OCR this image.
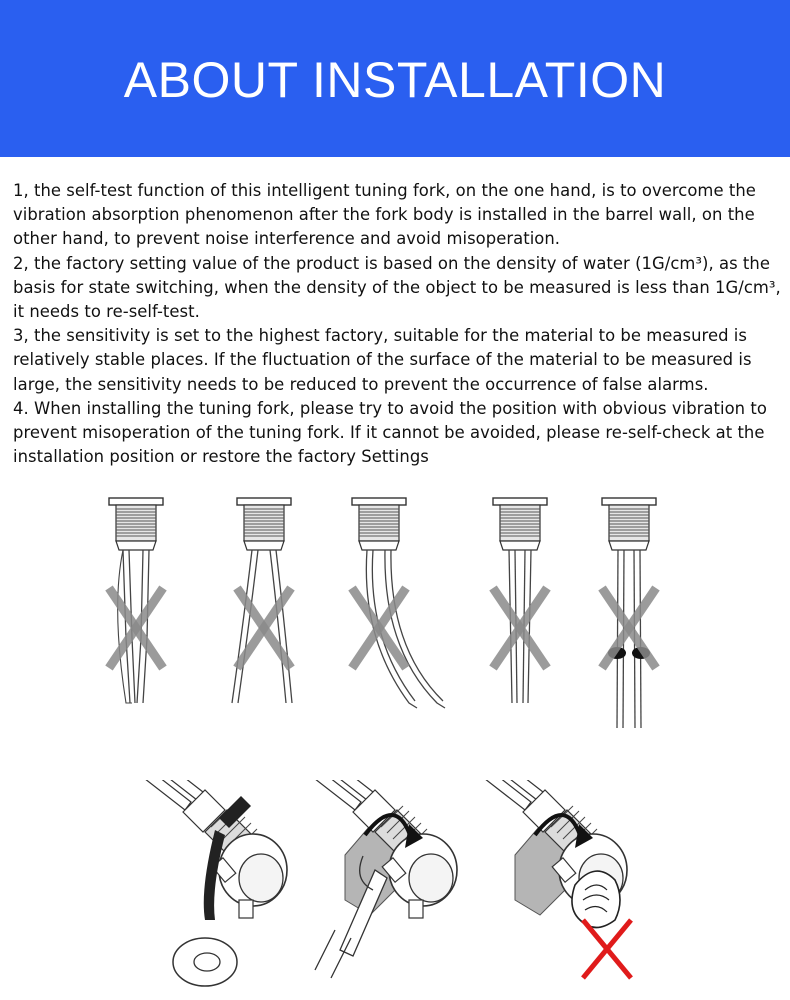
ABOUT INSTALLATION

1, the self-test function of this intelligent tuning fork, on the one hand, is to overcome the vibration absorption phenomenon after the fork body is installed in the barrel wall, on the other hand, to prevent noise interference and avoid misoperation.

2, the factory setting value of the product is based on the density of water (1G/cm³), as the basis for state switching, when the density of the object to be measured is less than 1G/cm³, it needs to re-self-test.

3, the sensitivity is set to the highest factory, suitable for the material to be measured is relatively stable places. If the fluctuation of the surface of the material to be measured is large, the sensitivity needs to be reduced to prevent the occurrence of false alarms.

4. When installing the tuning fork, please try to avoid the position with obvious vibration to prevent misoperation of the tuning fork. If it cannot be avoided, please re-self-check at the installation position or restore the factory Settings
